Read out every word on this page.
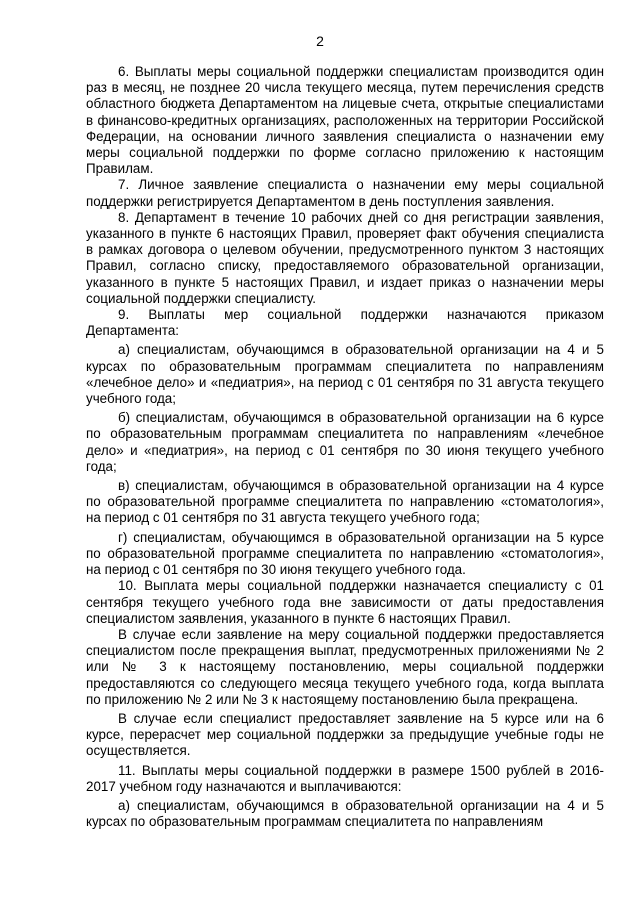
2

6. Выплаты меры социальной поддержки специалистам производится один раз в месяц, не позднее 20 числа текущего месяца, путем перечисления средств областного бюджета Департаментом на лицевые счета, открытые специалистами в финансово-кредитных организациях, расположенных на территории Российской Федерации, на основании личного заявления специалиста о назначении ему меры социальной поддержки по форме согласно приложению к настоящим Правилам.

7. Личное заявление специалиста о назначении ему меры социальной поддержки регистрируется Департаментом в день поступления заявления.

8. Департамент в течение 10 рабочих дней со дня регистрации заявления, указанного в пункте 6 настоящих Правил, проверяет факт обучения специалиста в рамках договора о целевом обучении, предусмотренного пунктом 3 настоящих Правил, согласно списку, предоставляемого образовательной организации, указанного в пункте 5 настоящих Правил, и издает приказ о назначении меры социальной поддержки специалисту.

9. Выплаты мер социальной поддержки назначаются приказом Департамента:

а) специалистам, обучающимся в образовательной организации на 4 и 5 курсах по образовательным программам специалитета по направлениям «лечебное дело» и «педиатрия», на период с 01 сентября по 31 августа текущего учебного года;

б) специалистам, обучающимся в образовательной организации на 6 курсе по образовательным программам специалитета по направлениям «лечебное дело» и «педиатрия», на период с 01 сентября по 30 июня текущего учебного года;

в) специалистам, обучающимся в образовательной организации на 4 курсе по образовательной программе специалитета по направлению «стоматология», на период с 01 сентября по 31 августа текущего учебного года;

г) специалистам, обучающимся в образовательной организации на 5 курсе по образовательной программе специалитета по направлению «стоматология», на период с 01 сентября по 30 июня текущего учебного года.

10. Выплата меры социальной поддержки назначается специалисту с 01 сентября текущего учебного года вне зависимости от даты предоставления специалистом заявления, указанного в пункте 6 настоящих Правил.

В случае если заявление на меру социальной поддержки предоставляется специалистом после прекращения выплат, предусмотренных приложениями № 2 или № 3 к настоящему постановлению, меры социальной поддержки предоставляются со следующего месяца текущего учебного года, когда выплата по приложению № 2 или № 3 к настоящему постановлению была прекращена.

В случае если специалист предоставляет заявление на 5 курсе или на 6 курсе, перерасчет мер социальной поддержки за предыдущие учебные годы не осуществляется.

11. Выплаты меры социальной поддержки в размере 1500 рублей в 2016-2017 учебном году назначаются и выплачиваются:

а) специалистам, обучающимся в образовательной организации на 4 и 5 курсах по образовательным программам специалитета по направлениям
